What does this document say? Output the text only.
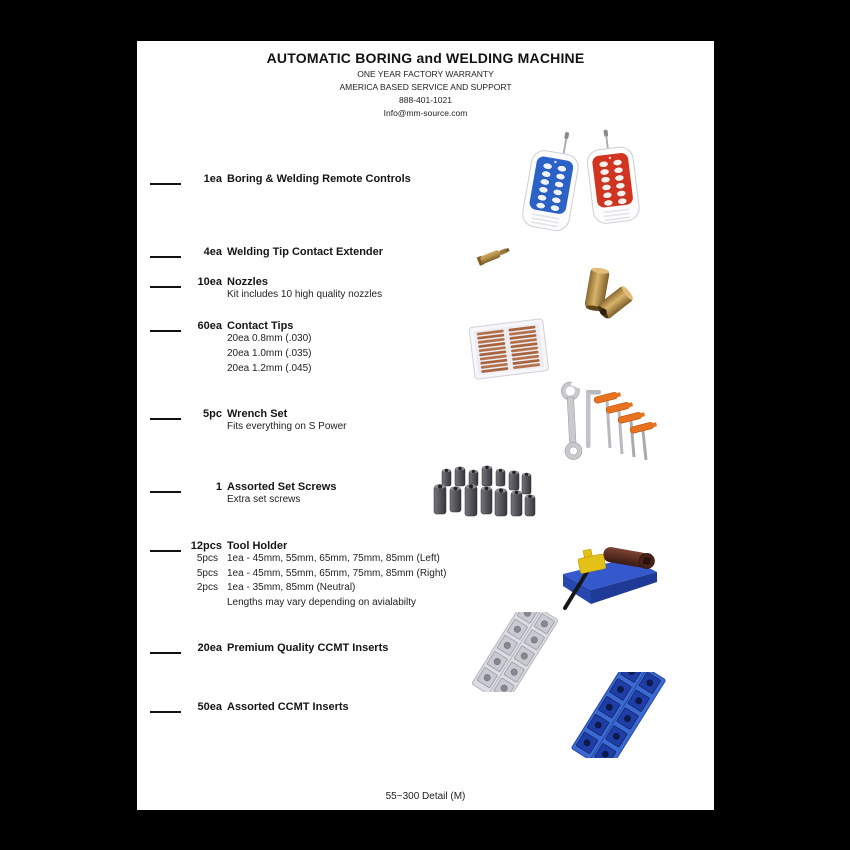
AUTOMATIC BORING and WELDING MACHINE
ONE YEAR FACTORY WARRANTY
AMERICA BASED SERVICE AND SUPPORT
888-401-1021
Info@mm-source.com
1ea Boring & Welding Remote Controls
4ea Welding Tip Contact Extender
10ea Nozzles
Kit includes 10 high quality nozzles
60ea Contact Tips
20ea 0.8mm (.030)
20ea 1.0mm (.035)
20ea 1.2mm (.045)
5pc Wrench Set
Fits everything on S Power
1 Assorted Set Screws
Extra set screws
12pcs Tool Holder
5pcs 1ea - 45mm, 55mm, 65mm, 75mm, 85mm (Left)
5pcs 1ea - 45mm, 55mm, 65mm, 75mm, 85mm (Right)
2pcs 1ea - 35mm, 85mm (Neutral)
Lengths may vary depending on avialabilty
20ea Premium Quality CCMT Inserts
50ea Assorted CCMT Inserts
55~300 Detail (M)
